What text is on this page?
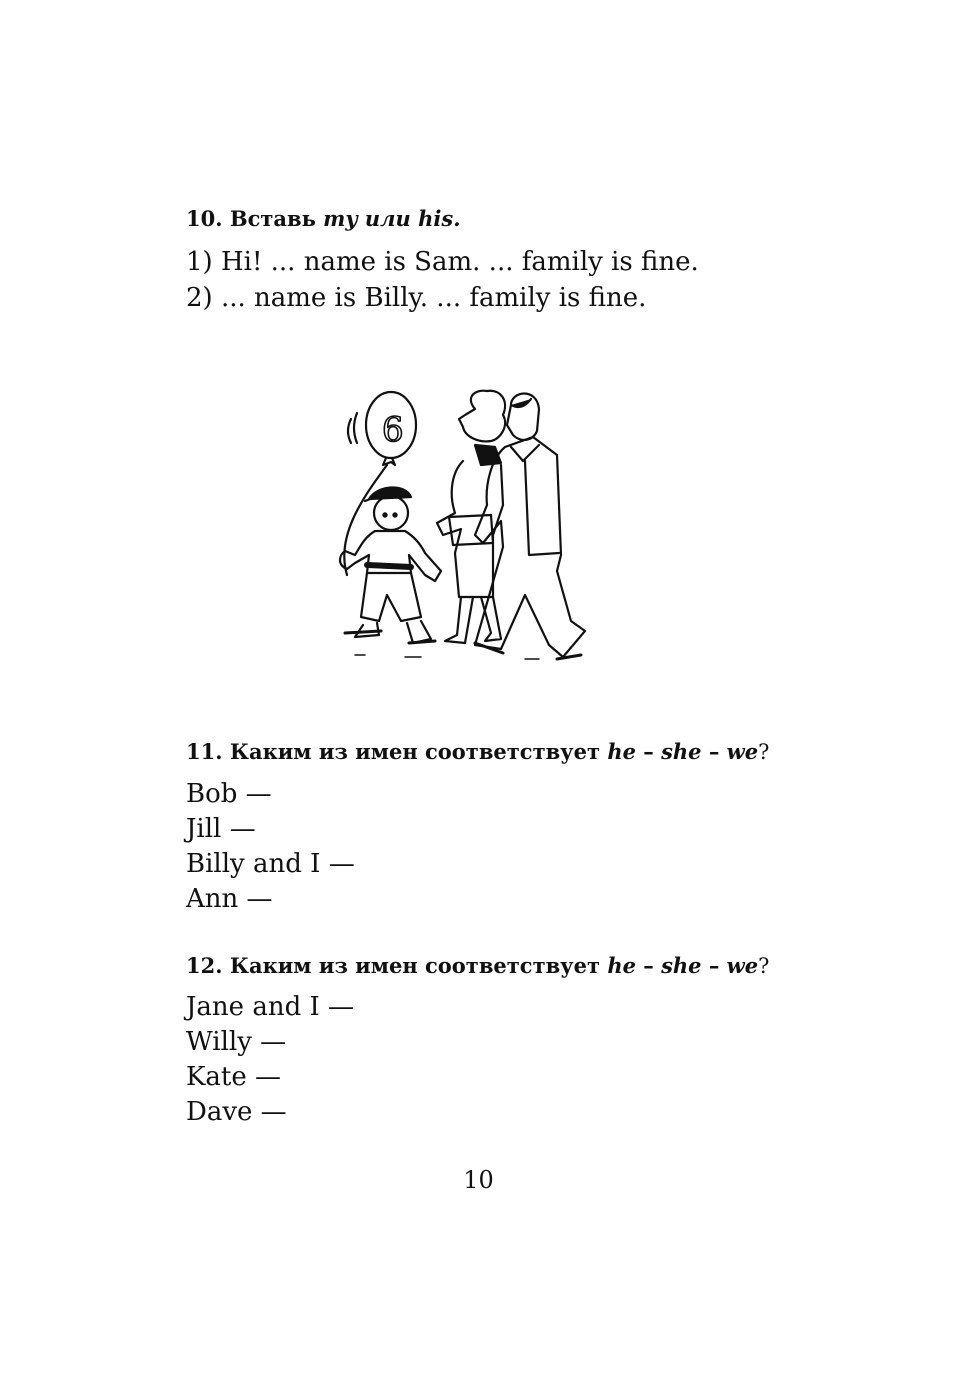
10. Вставь my или his.
1) Hi! ... name is Sam. ... family is fine.
2) ... name is Billy. ... family is fine.
6
11. Каким из имен соответствует he – she – we?
Bob —
Jill —
Billy and I —
Ann —
12. Каким из имен соответствует he – she – we?
Jane and I —
Willy —
Kate —
Dave —
10
